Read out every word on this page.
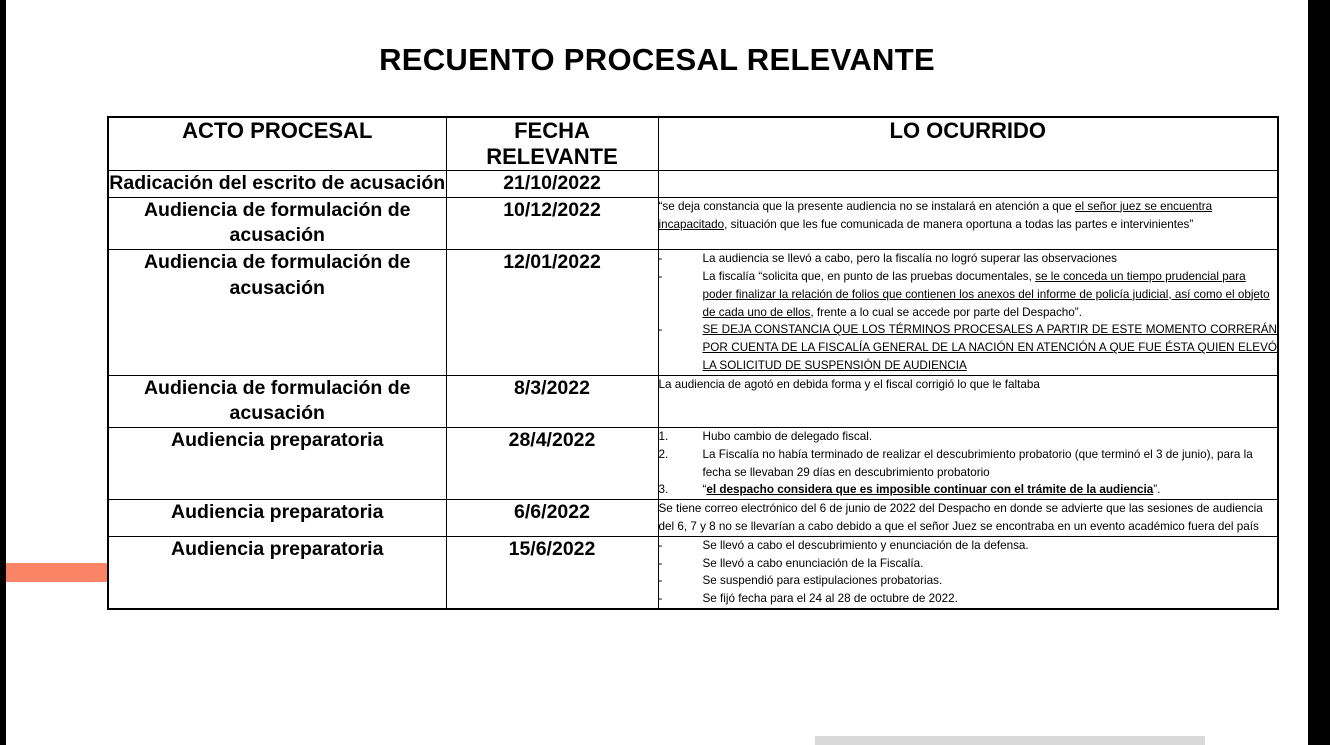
RECUENTO PROCESAL RELEVANTE
ACTO PROCESAL	FECHA RELEVANTE	LO OCURRIDO
Radicación del escrito de acusación	21/10/2022	
Audiencia de formulación de acusación	10/12/2022	“se deja constancia que la presente audiencia no se instalará en atención a que el señor juez se encuentra incapacitado, situación que les fue comunicada de manera oportuna a todas las partes e intervinientes”

Audiencia de formulación de acusación	12/01/2022	-	La audiencia se llevó a cabo, pero la fiscalía no logró superar las observaciones
-	La fiscalía “solicita que, en punto de las pruebas documentales, se le conceda un tiempo prudencial para poder finalizar la relación de folios que contienen los anexos del informe de policía judicial, así como el objeto de cada uno de ellos, frente a lo cual se accede por parte del Despacho”.
-	SE DEJA CONSTANCIA QUE LOS TÉRMINOS PROCESALES A PARTIR DE ESTE MOMENTO CORRERÁN POR CUENTA DE LA FISCALÍA GENERAL DE LA NACIÓN EN ATENCIÓN A QUE FUE ÉSTA QUIEN ELEVÓ LA SOLICITUD DE SUSPENSIÓN DE AUDIENCIA

Audiencia de formulación de acusación	8/3/2022	La audiencia de agotó en debida forma y el fiscal corrigió lo que le faltaba

Audiencia preparatoria	28/4/2022	1.	Hubo cambio de delegado fiscal.
2.	La Fiscalía no había terminado de realizar el descubrimiento probatorio (que terminó el 3 de junio), para la fecha se llevaban 29 días en descubrimiento probatorio
3.	“el despacho considera que es imposible continuar con el trámite de la audiencia”.

Audiencia preparatoria	6/6/2022	Se tiene correo electrónico del 6 de junio de 2022 del Despacho en donde se advierte que las sesiones de audiencia del 6, 7 y 8 no se llevarían a cabo debido a que el señor Juez se encontraba en un evento académico fuera del país

Audiencia preparatoria	15/6/2022	-	Se llevó a cabo el descubrimiento y enunciación de la defensa.
-	Se llevó a cabo enunciación de la Fiscalía.
-	Se suspendió para estipulaciones probatorias.
-	Se fijó fecha para el 24 al 28 de octubre de 2022.
